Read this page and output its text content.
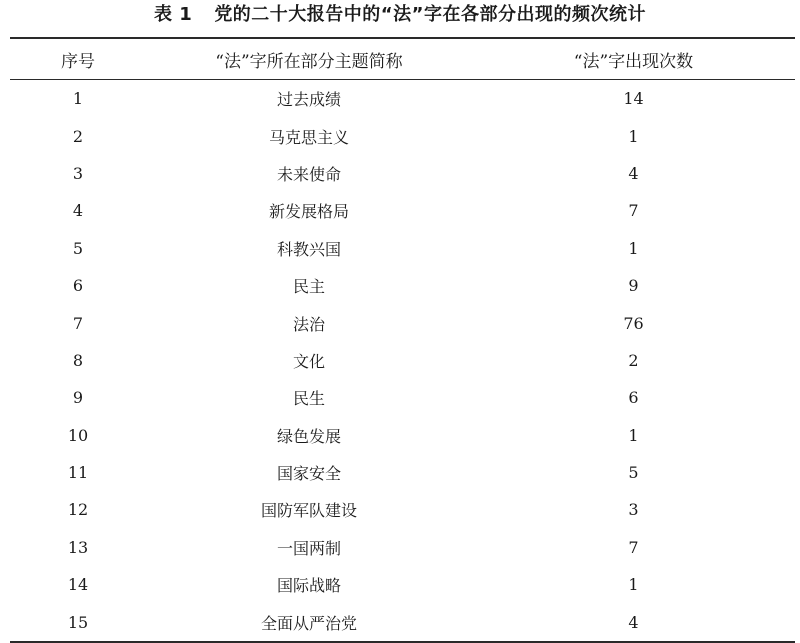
表 1 党的二十大报告中的“法”字在各部分出现的频次统计
序号	“法”字所在部分主题简称	“法”字出现次数
1	过去成绩	14
2	马克思主义	1
3	未来使命	4
4	新发展格局	7
5	科教兴国	1
6	民主	9
7	法治	76
8	文化	2
9	民生	6
10	绿色发展	1
11	国家安全	5
12	国防军队建设	3
13	一国两制	7
14	国际战略	1
15	全面从严治党	4
